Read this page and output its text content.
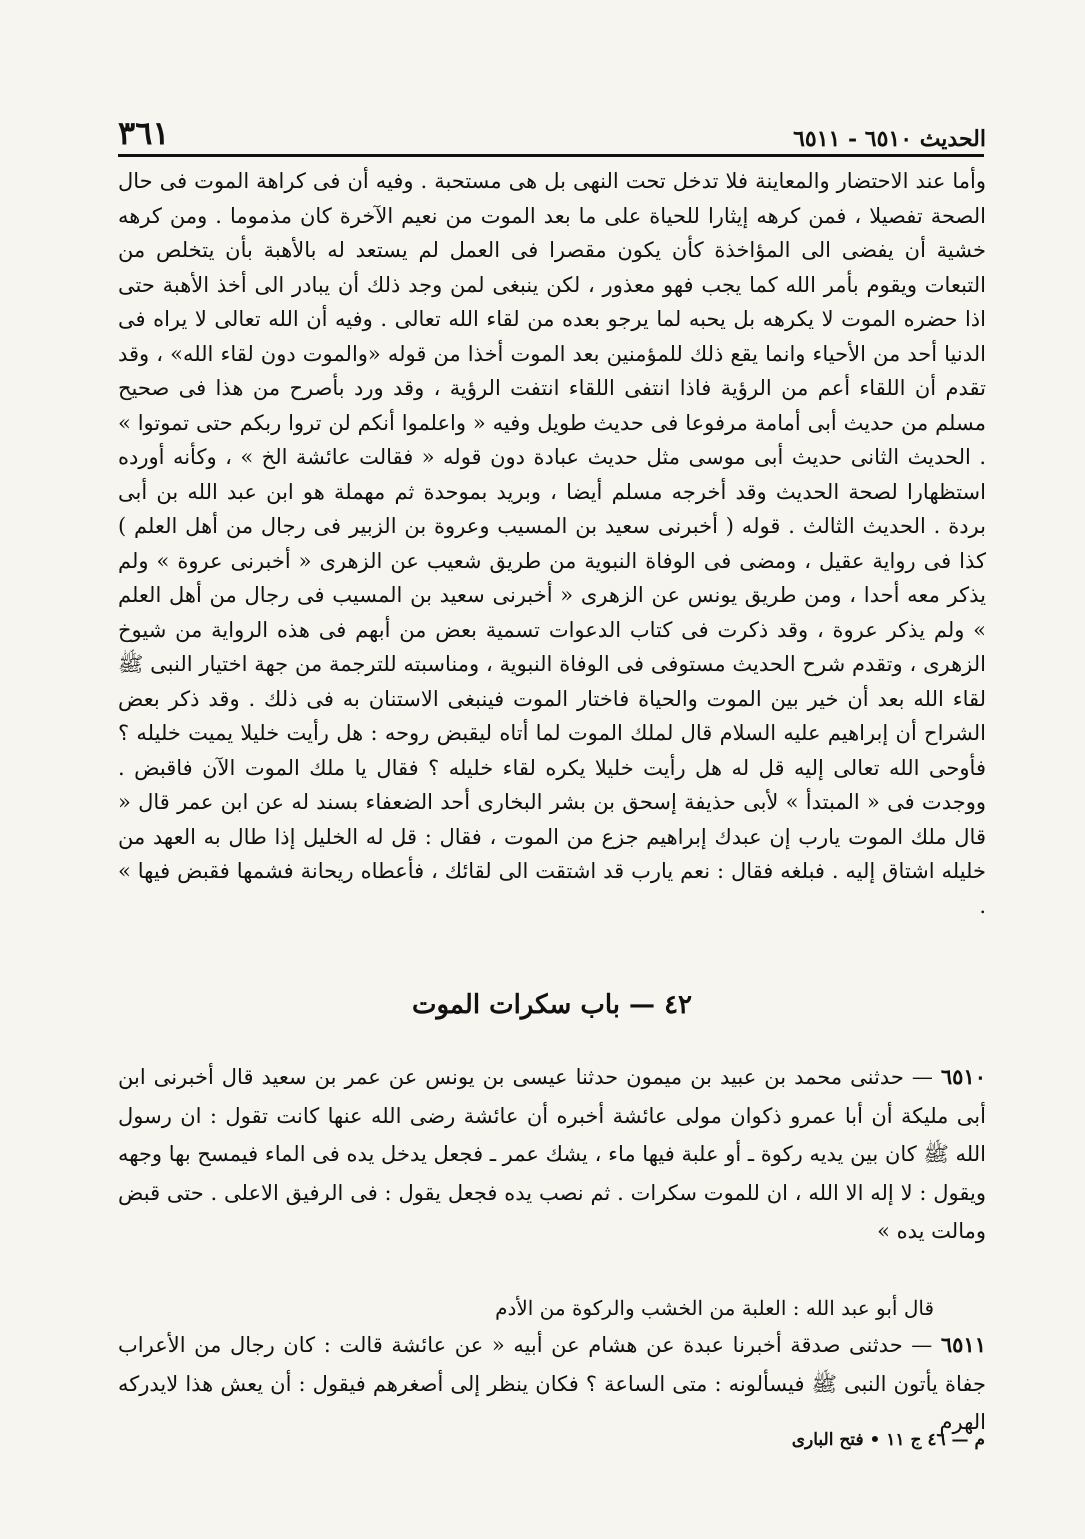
الحديث ٦٥١٠ - ٦٥١١
٣٦١

وأما عند الاحتضار والمعاينة فلا تدخل تحت النهى بل هى مستحبة . وفيه أن فى كراهة الموت فى حال الصحة تفصيلا ، فمن كرهه إيثارا للحياة على ما بعد الموت من نعيم الآخرة كان مذموما . ومن كرهه خشية أن يفضى الى المؤاخذة كأن يكون مقصرا فى العمل لم يستعد له بالأهبة بأن يتخلص من التبعات ويقوم بأمر الله كما يجب فهو معذور ، لكن ينبغى لمن وجد ذلك أن يبادر الى أخذ الأهبة حتى اذا حضره الموت لا يكرهه بل يحبه لما يرجو بعده من لقاء الله تعالى . وفيه أن الله تعالى لا يراه فى الدنيا أحد من الأحياء وانما يقع ذلك للمؤمنين بعد الموت أخذا من قوله «والموت دون لقاء الله» ، وقد تقدم أن اللقاء أعم من الرؤية فاذا انتفى اللقاء انتفت الرؤية ، وقد ورد بأصرح من هذا فى صحيح مسلم من حديث أبى أمامة مرفوعا فى حديث طويل وفيه « واعلموا أنكم لن تروا ربكم حتى تموتوا » . الحديث الثانى حديث أبى موسى مثل حديث عبادة دون قوله « فقالت عائشة الخ » ، وكأنه أورده استظهارا لصحة الحديث وقد أخرجه مسلم أيضا ، وبريد بموحدة ثم مهملة هو ابن عبد الله بن أبى بردة . الحديث الثالث . قوله ( أخبرنى سعيد بن المسيب وعروة بن الزبير فى رجال من أهل العلم ) كذا فى رواية عقيل ، ومضى فى الوفاة النبوية من طريق شعيب عن الزهرى « أخبرنى عروة » ولم يذكر معه أحدا ، ومن طريق يونس عن الزهرى « أخبرنى سعيد بن المسيب فى رجال من أهل العلم » ولم يذكر عروة ، وقد ذكرت فى كتاب الدعوات تسمية بعض من أبهم فى هذه الرواية من شيوخ الزهرى ، وتقدم شرح الحديث مستوفى فى الوفاة النبوية ، ومناسبته للترجمة من جهة اختيار النبى ﷺ لقاء الله بعد أن خير بين الموت والحياة فاختار الموت فينبغى الاستنان به فى ذلك . وقد ذكر بعض الشراح أن إبراهيم عليه السلام قال لملك الموت لما أتاه ليقبض روحه : هل رأيت خليلا يميت خليله ؟ فأوحى الله تعالى إليه قل له هل رأيت خليلا يكره لقاء خليله ؟ فقال يا ملك الموت الآن فاقبض . ووجدت فى « المبتدأ » لأبى حذيفة إسحق بن بشر البخارى أحد الضعفاء بسند له عن ابن عمر قال « قال ملك الموت يارب إن عبدك إبراهيم جزع من الموت ، فقال : قل له الخليل إذا طال به العهد من خليله اشتاق إليه . فبلغه فقال : نعم يارب قد اشتقت الى لقائك ، فأعطاه ريحانة فشمها فقبض فيها » .

٤٢ — باب سكرات الموت

٦٥١٠ — حدثنى محمد بن عبيد بن ميمون حدثنا عيسى بن يونس عن عمر بن سعيد قال أخبرنى ابن أبى مليكة أن أبا عمرو ذكوان مولى عائشة أخبره أن عائشة رضى الله عنها كانت تقول : ان رسول الله ﷺ كان بين يديه ركوة ـ أو علبة فيها ماء ، يشك عمر ـ فجعل يدخل يده فى الماء فيمسح بها وجهه ويقول : لا إله الا الله ، ان للموت سكرات . ثم نصب يده فجعل يقول : فى الرفيق الاعلى . حتى قبض ومالت يده »

قال أبو عبد الله : العلبة من الخشب والركوة من الأدم

٦٥١١ — حدثنى صدقة أخبرنا عبدة عن هشام عن أبيه « عن عائشة قالت : كان رجال من الأعراب جفاة يأتون النبى ﷺ فيسألونه : متى الساعة ؟ فكان ينظر إلى أصغرهم فيقول : أن يعش هذا لايدركه الهرم

م — ٤٦ ج ١١ • فتح البارى
